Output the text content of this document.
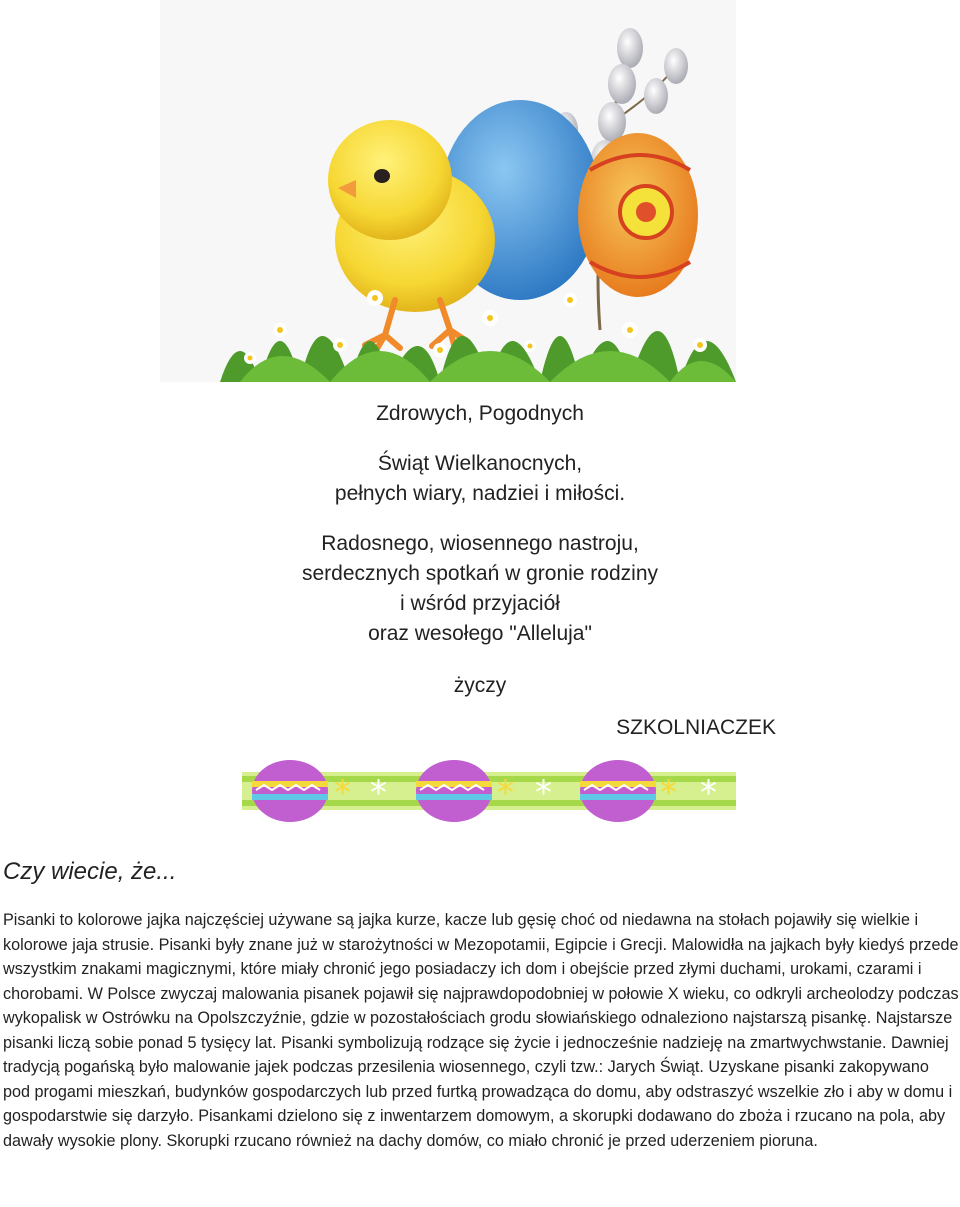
Zdrowych, Pogodnych

Świąt Wielkanocnych,

pełnych wiary, nadziei i miłości.

Radosnego, wiosennego nastroju,

serdecznych spotkań w gronie rodziny

i wśród przyjaciół

oraz wesołego "Alleluja"

życzy

SZKOLNIACZEK
*	*	*
*	*	*
Czy wiecie, że...

Pisanki to kolorowe jajka najczęściej używane są jajka kurze, kacze lub gęsię choć od niedawna na stołach pojawiły się wielkie i kolorowe jaja strusie. Pisanki były znane już w starożytności w Mezopotamii, Egipcie i Grecji. Malowidła na jajkach były kiedyś przede wszystkim znakami magicznymi, które miały chronić jego posiadaczy ich dom i obejście przed złymi duchami, urokami, czarami i chorobami. W Polsce zwyczaj malowania pisanek pojawił się najprawdopodobniej w połowie X wieku, co odkryli archeolodzy podczas wykopalisk w Ostrówku na Opolszczyźnie, gdzie w pozostałościach grodu słowiańskiego odnaleziono najstarszą pisankę. Najstarsze pisanki liczą sobie ponad 5 tysięcy lat. Pisanki symbolizują rodzące się życie i jednocześnie nadzieję na zmartwychwstanie. Dawniej tradycją pogańską było malowanie jajek podczas przesilenia wiosennego, czyli tzw.: Jarych Świąt. Uzyskane pisanki zakopywano pod progami mieszkań, budynków gospodarczych lub przed furtką prowadząca do domu, aby odstraszyć wszelkie zło i aby w domu i gospodarstwie się darzyło. Pisankami dzielono się z inwentarzem domowym, a skorupki dodawano do zboża i rzucano na pola, aby dawały wysokie plony. Skorupki rzucano również na dachy domów, co miało chronić je przed uderzeniem pioruna.
